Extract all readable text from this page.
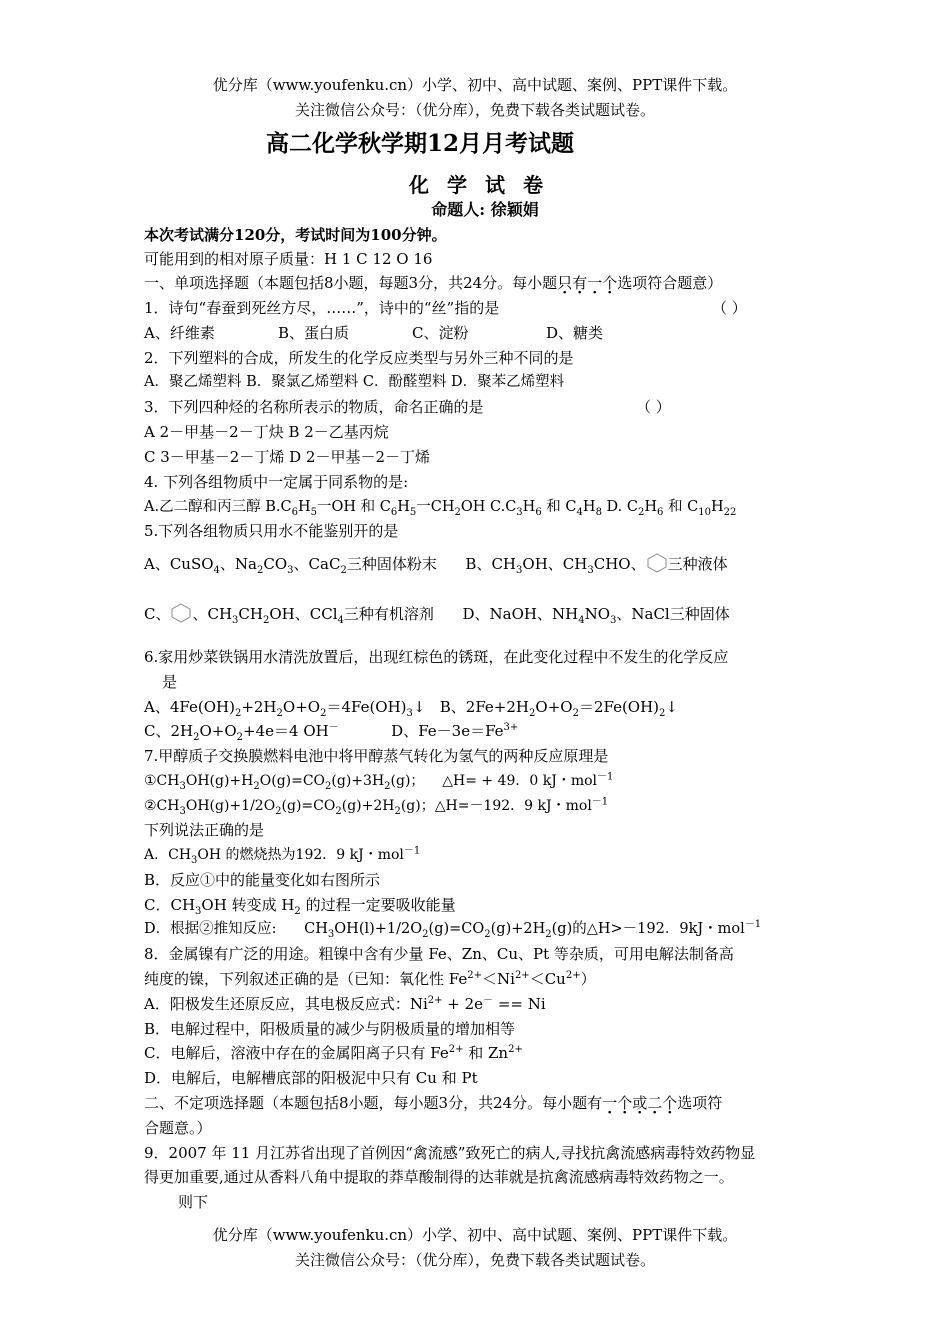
优分库（www.youfenku.cn）小学、初中、高中试题、案例、PPT课件下载。
关注微信公众号：（优分库），免费下载各类试题试卷。
高二化学秋学期12月月考试题
化学试卷
命题人: 徐颖娟
本次考试满分120分，考试时间为100分钟。
可能用到的相对原子质量：H 1 C 12 O 16
一、单项选择题（本题包括8小题，每题3分，共24分。每小题只有一个选项符合题意）
1．诗句“春蚕到死丝方尽，……”，诗中的“丝”指的是	（ ）
A、纤维素	B、蛋白质	C、淀粉	D、糖类
2．下列塑料的合成，所发生的化学反应类型与另外三种不同的是
A．聚乙烯塑料 B．聚氯乙烯塑料 C．酚醛塑料 D．聚苯乙烯塑料
3．下列四种烃的名称所表示的物质，命名正确的是	（ ）
A 2－甲基－2－丁炔 B 2－乙基丙烷
C 3－甲基－2－丁烯 D 2－甲基－2－丁烯
4. 下列各组物质中一定属于同系物的是:
A.乙二醇和丙三醇 $B.C_6H_5$一OH 和 $C_6H_5$一$CH_2OH$ $C.C_3H_6$ 和 $C_4H_8$ D. $C_2H_6$ 和 $C_{10}H_{22}$
5.下列各组物质只用水不能鉴别开的是
A、CuSO$_4$、$Na_2CO_3$、CaC$_2$三种固体粉末      B、$CH_3OH$、$CH_3CHO$、 三种液体
C、 、$CH_3CH_2OH$、CCl$_4$三种有机溶剂      D、NaOH、$NH_4NO_3$、NaCl三种固体
6.家用炒菜铁锅用水清洗放置后，出现红棕色的锈斑，在此变化过程中不发生的化学反应
是
A、$4Fe(OH)_2+2H_2O+O_2=4Fe(OH)_3↓$   B、$2Fe+2H_2O+O_2=2Fe(OH)_2↓$
C、$2H_2O+O_2+4e=4$ OH－           D、$Fe-3e=Fe^{3+}$
7.甲醇质子交换膜燃料电池中将甲醇蒸气转化为氢气的两种反应原理是
$①CH_3OH(g)+H_2O(g)=CO_2(g)+3H_2(g)$；    △H= + 49．0 kJ・mol$^{-1}$
$②CH_3OH(g)+1/2O_2(g)=CO_2(g)+2H_2(g)$；△H=－192．9 kJ・mol$^{-1}$
下列说法正确的是
A．$CH_3OH$ 的燃烧热为192．9 kJ・mol$^{-1}$
B．反应①中的能量变化如右图所示
C．$CH_3OH$ 转变成 $H_2$ 的过程一定要吸收能量
D．根据②推知反应:      $CH_3OH(l)+1/2O_2(g)=CO_2(g)+2H_2(g)$的△H>－192．9kJ・mol$^{-1}$
8．金属镍有广泛的用途。粗镍中含有少量 Fe、Zn、Cu、Pt 等杂质，可用电解法制备高
纯度的镍，下列叙述正确的是（已知：氧化性 $Fe^{2+}<Ni^{2+}<Cu^{2+}$）
A．阳极发生还原反应，其电极反应式：$Ni^{2+} + 2e^- == Ni$
B．电解过程中，阳极质量的减少与阴极质量的增加相等
C．电解后，溶液中存在的金属阳离子只有 $Fe^{2+}$ 和 $Zn^{2+}$
D．电解后，电解槽底部的阳极泥中只有 Cu 和 Pt
二、不定项选择题（本题包括8小题，每小题3分，共24分。每小题有一个或二个选项符
合题意。）
9．2007 年 11 月江苏省出现了首例因“禽流感”致死亡的病人,寻找抗禽流感病毒特效药物显
得更加重要,通过从香料八角中提取的莽草酸制得的达菲就是抗禽流感病毒特效药物之一。
则下
优分库（www.youfenku.cn）小学、初中、高中试题、案例、PPT课件下载。
关注微信公众号：（优分库），免费下载各类试题试卷。
